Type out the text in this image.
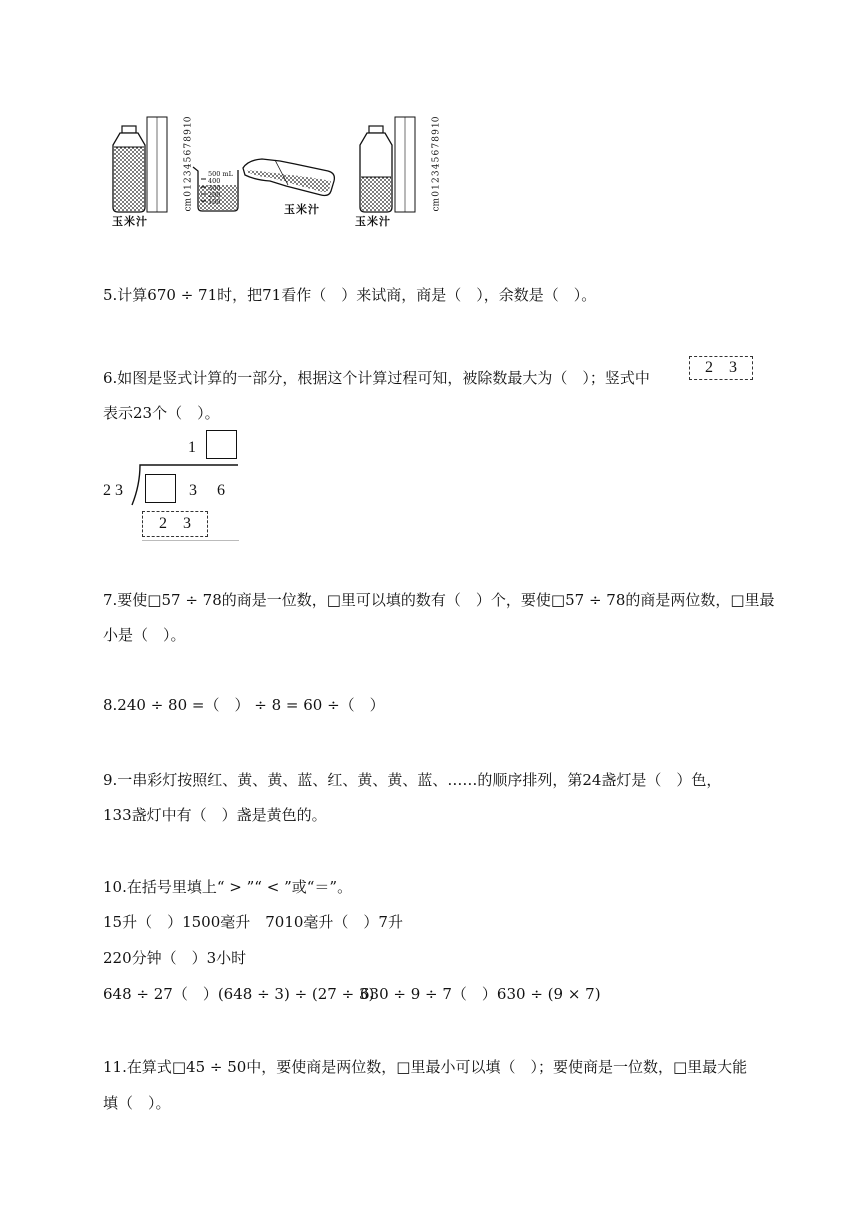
cm
0
1
2
3
4
5
6
7
8
9
10
cm
0
1
2
3
4
5
6
7
8
9
10
500 mL
400
300
200
100
玉米汁
玉米汁
玉米汁
5.计算670 ÷ 71时，把71看作（　）来试商，商是（　），余数是（　）。
6.如图是竖式计算的一部分，根据这个计算过程可知，被除数最大为（　）；竖式中
2　3
表示23个（　）。
1
2 3	3 6
2　3
7.要使□57 ÷ 78的商是一位数，□里可以填的数有（　）个，要使□57 ÷ 78的商是两位数，□里最
小是（　）。
8.240 ÷ 80 =（　） ÷ 8 = 60 ÷（　）
9.一串彩灯按照红、黄、黄、蓝、红、黄、黄、蓝、……的顺序排列，第24盏灯是（　）色，
133盏灯中有（　）盏是黄色的。
10.在括号里填上“ > ”“ < ”或“＝”。
15升（　）1500毫升　7010毫升（　）7升
220分钟（　）3小时
648 ÷ 27（　）(648 ÷ 3) ÷ (27 ÷ 3)
630 ÷ 9 ÷ 7（　）630 ÷ (9 × 7)
11.在算式□45 ÷ 50中，要使商是两位数，□里最小可以填（　）；要使商是一位数，□里最大能
填（　）。
